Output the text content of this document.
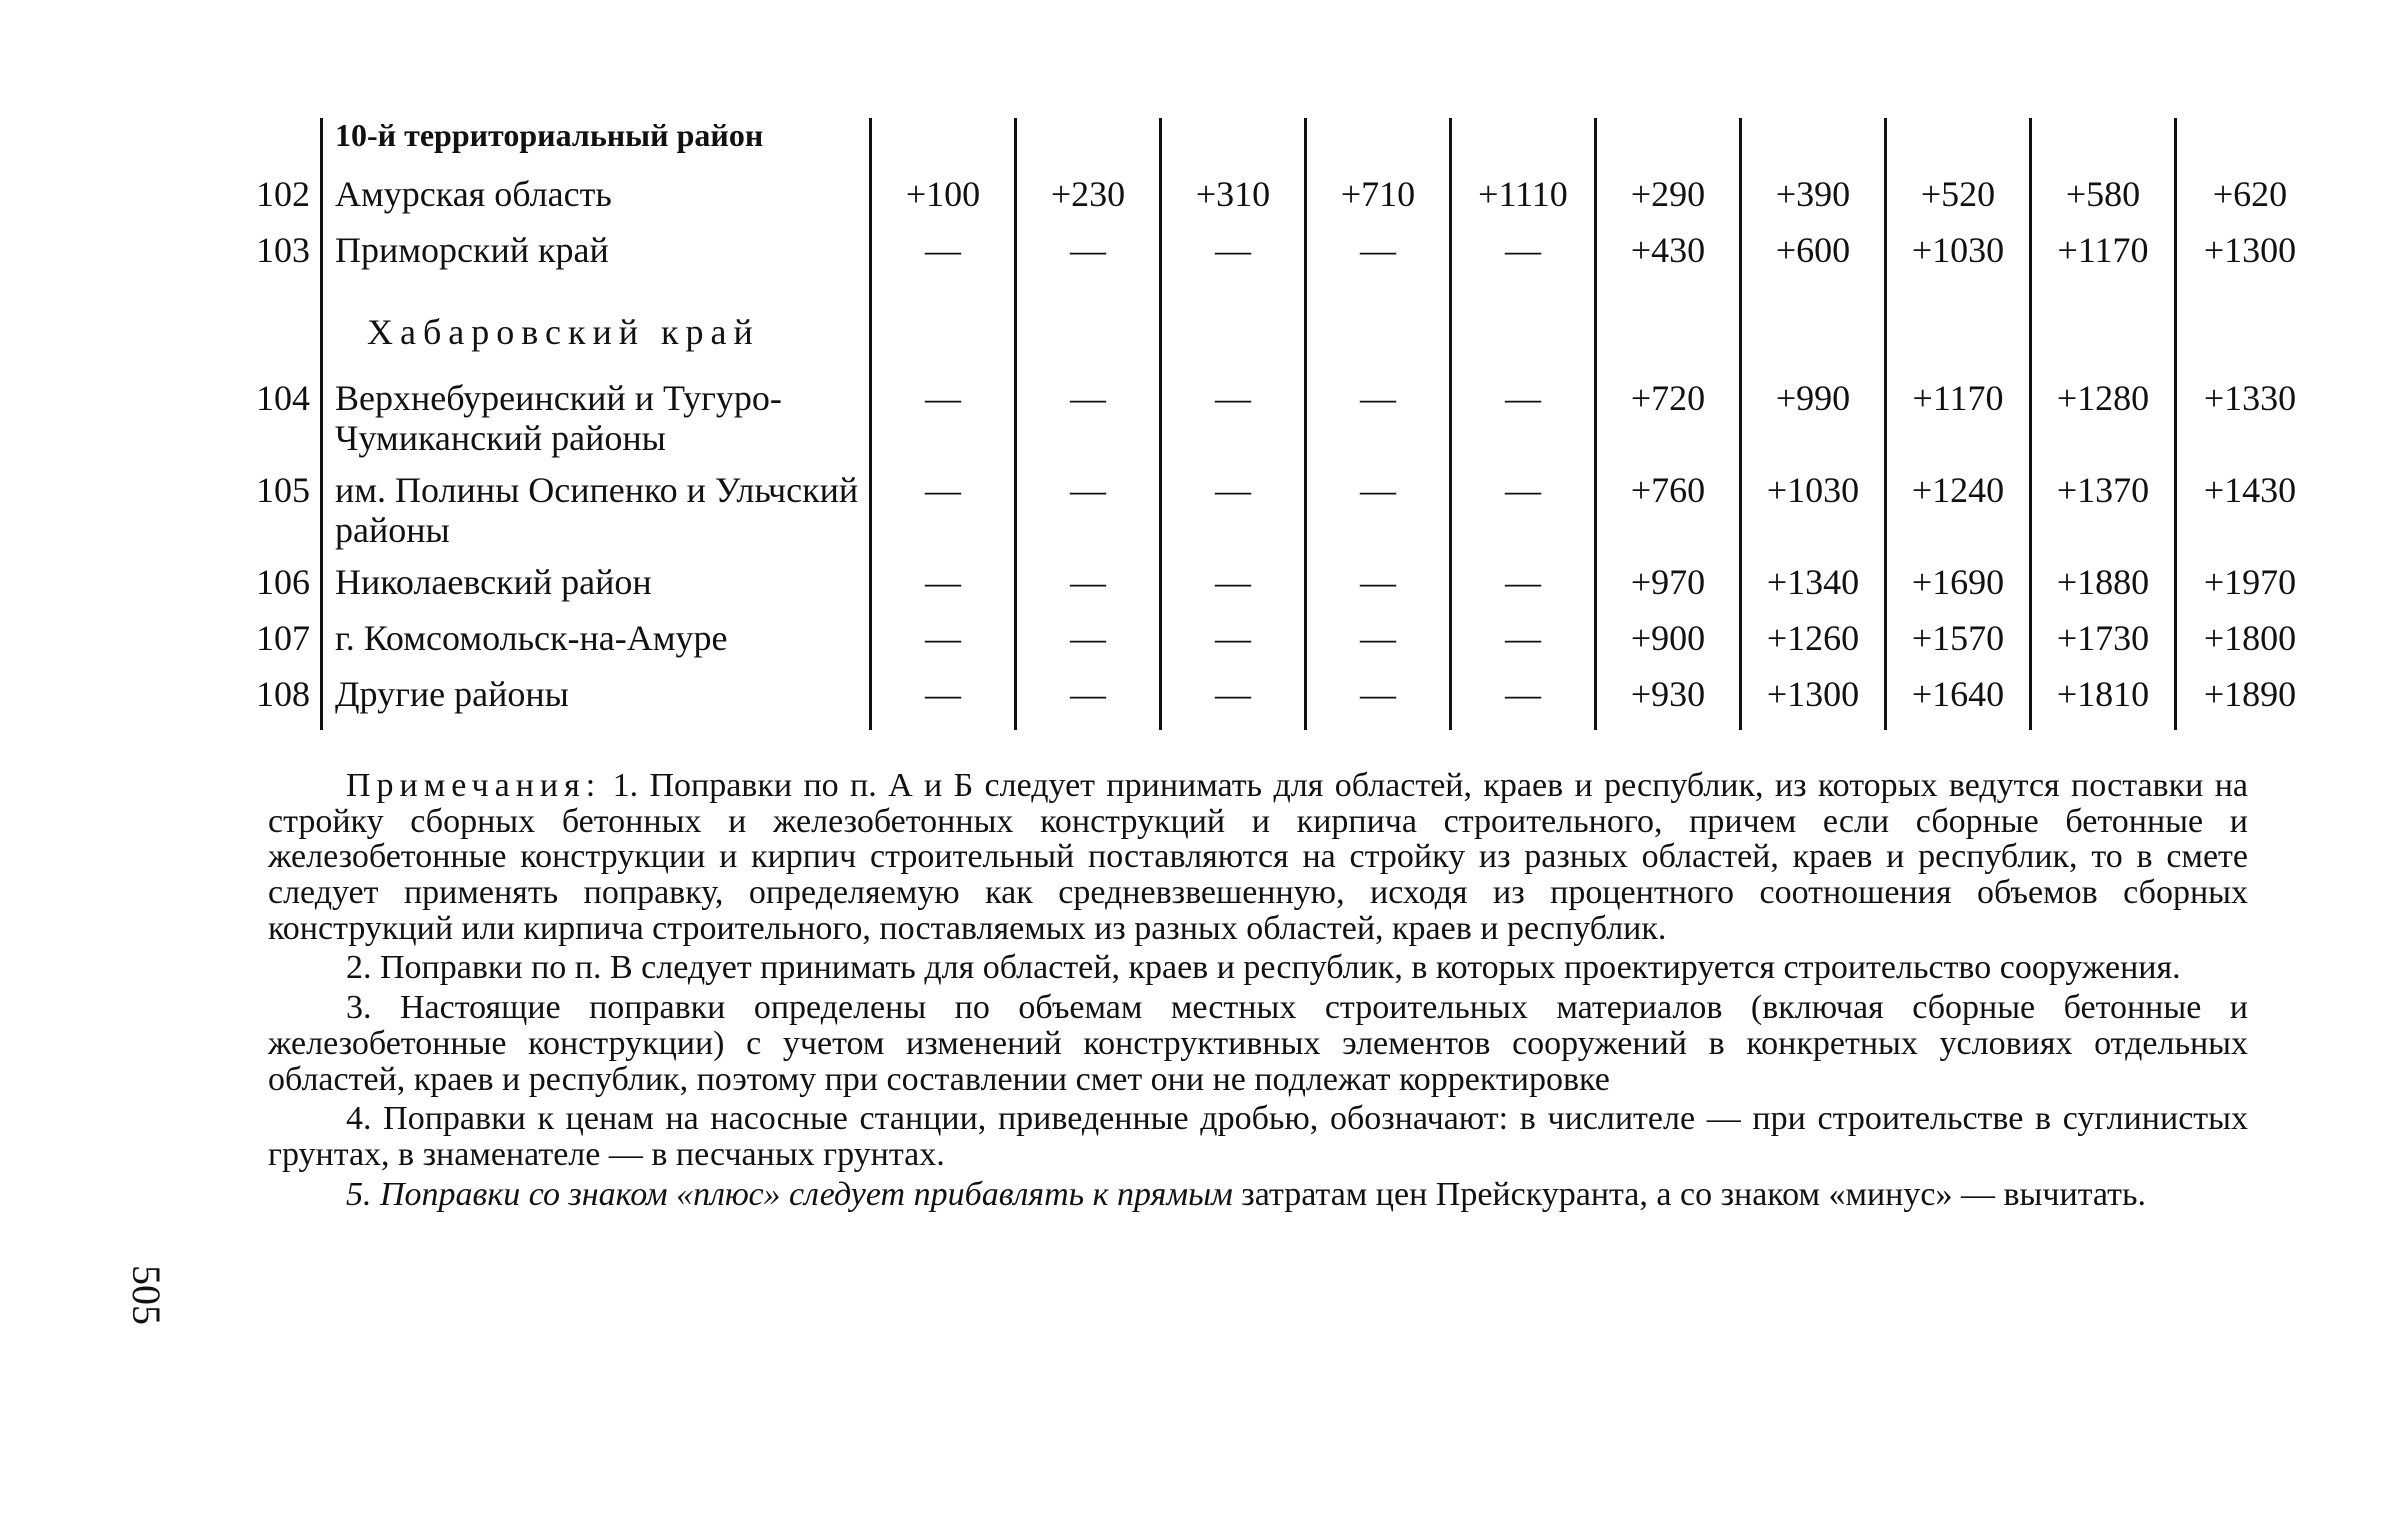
	10-й территориальный район										
102	Амурская область	+100	+230	+310	+710	+1110	+290	+390	+520	+580	+620
103	Приморский край	—	—	—	—	—	+430	+600	+1030	+1170	+1300
	Хабаровский край										
104	Верхнебуреинский и Тугуро-Чумиканский районы	—	—	—	—	—	+720	+990	+1170	+1280	+1330
105	им. Полины Осипенко и Ульчский районы	—	—	—	—	—	+760	+1030	+1240	+1370	+1430
106	Николаевский район	—	—	—	—	—	+970	+1340	+1690	+1880	+1970
107	г. Комсомольск-на-Амуре	—	—	—	—	—	+900	+1260	+1570	+1730	+1800
108	Другие районы	—	—	—	—	—	+930	+1300	+1640	+1810	+1890

Примечания: 1. Поправки по п. А и Б следует принимать для областей, краев и республик, из которых ведутся поставки на стройку сборных бетонных и железобетонных конструкций и кирпича строительного, причем если сборные бетонные и железобетонные конструкции и кирпич строительный поставляются на стройку из разных областей, краев и республик, то в смете следует применять поправку, определяемую как средневзвешенную, исходя из процентного соотношения объемов сборных конструкций или кирпича строительного, поставляемых из разных областей, краев и республик.

2. Поправки по п. В следует принимать для областей, краев и республик, в которых проектируется строительство сооружения.

3. Настоящие поправки определены по объемам местных строительных материалов (включая сборные бетонные и железобетонные конструкции) с учетом изменений конструктивных элементов сооружений в конкретных условиях отдельных областей, краев и республик, поэтому при составлении смет они не подлежат корректировке

4. Поправки к ценам на насосные станции, приведенные дробью, обозначают: в числителе — при строительстве в суглинистых грунтах, в знаменателе — в песчаных грунтах.

5. Поправки со знаком «плюс» следует прибавлять к прямым затратам цен Прейскуранта, а со знаком «минус» — вычитать.

505
